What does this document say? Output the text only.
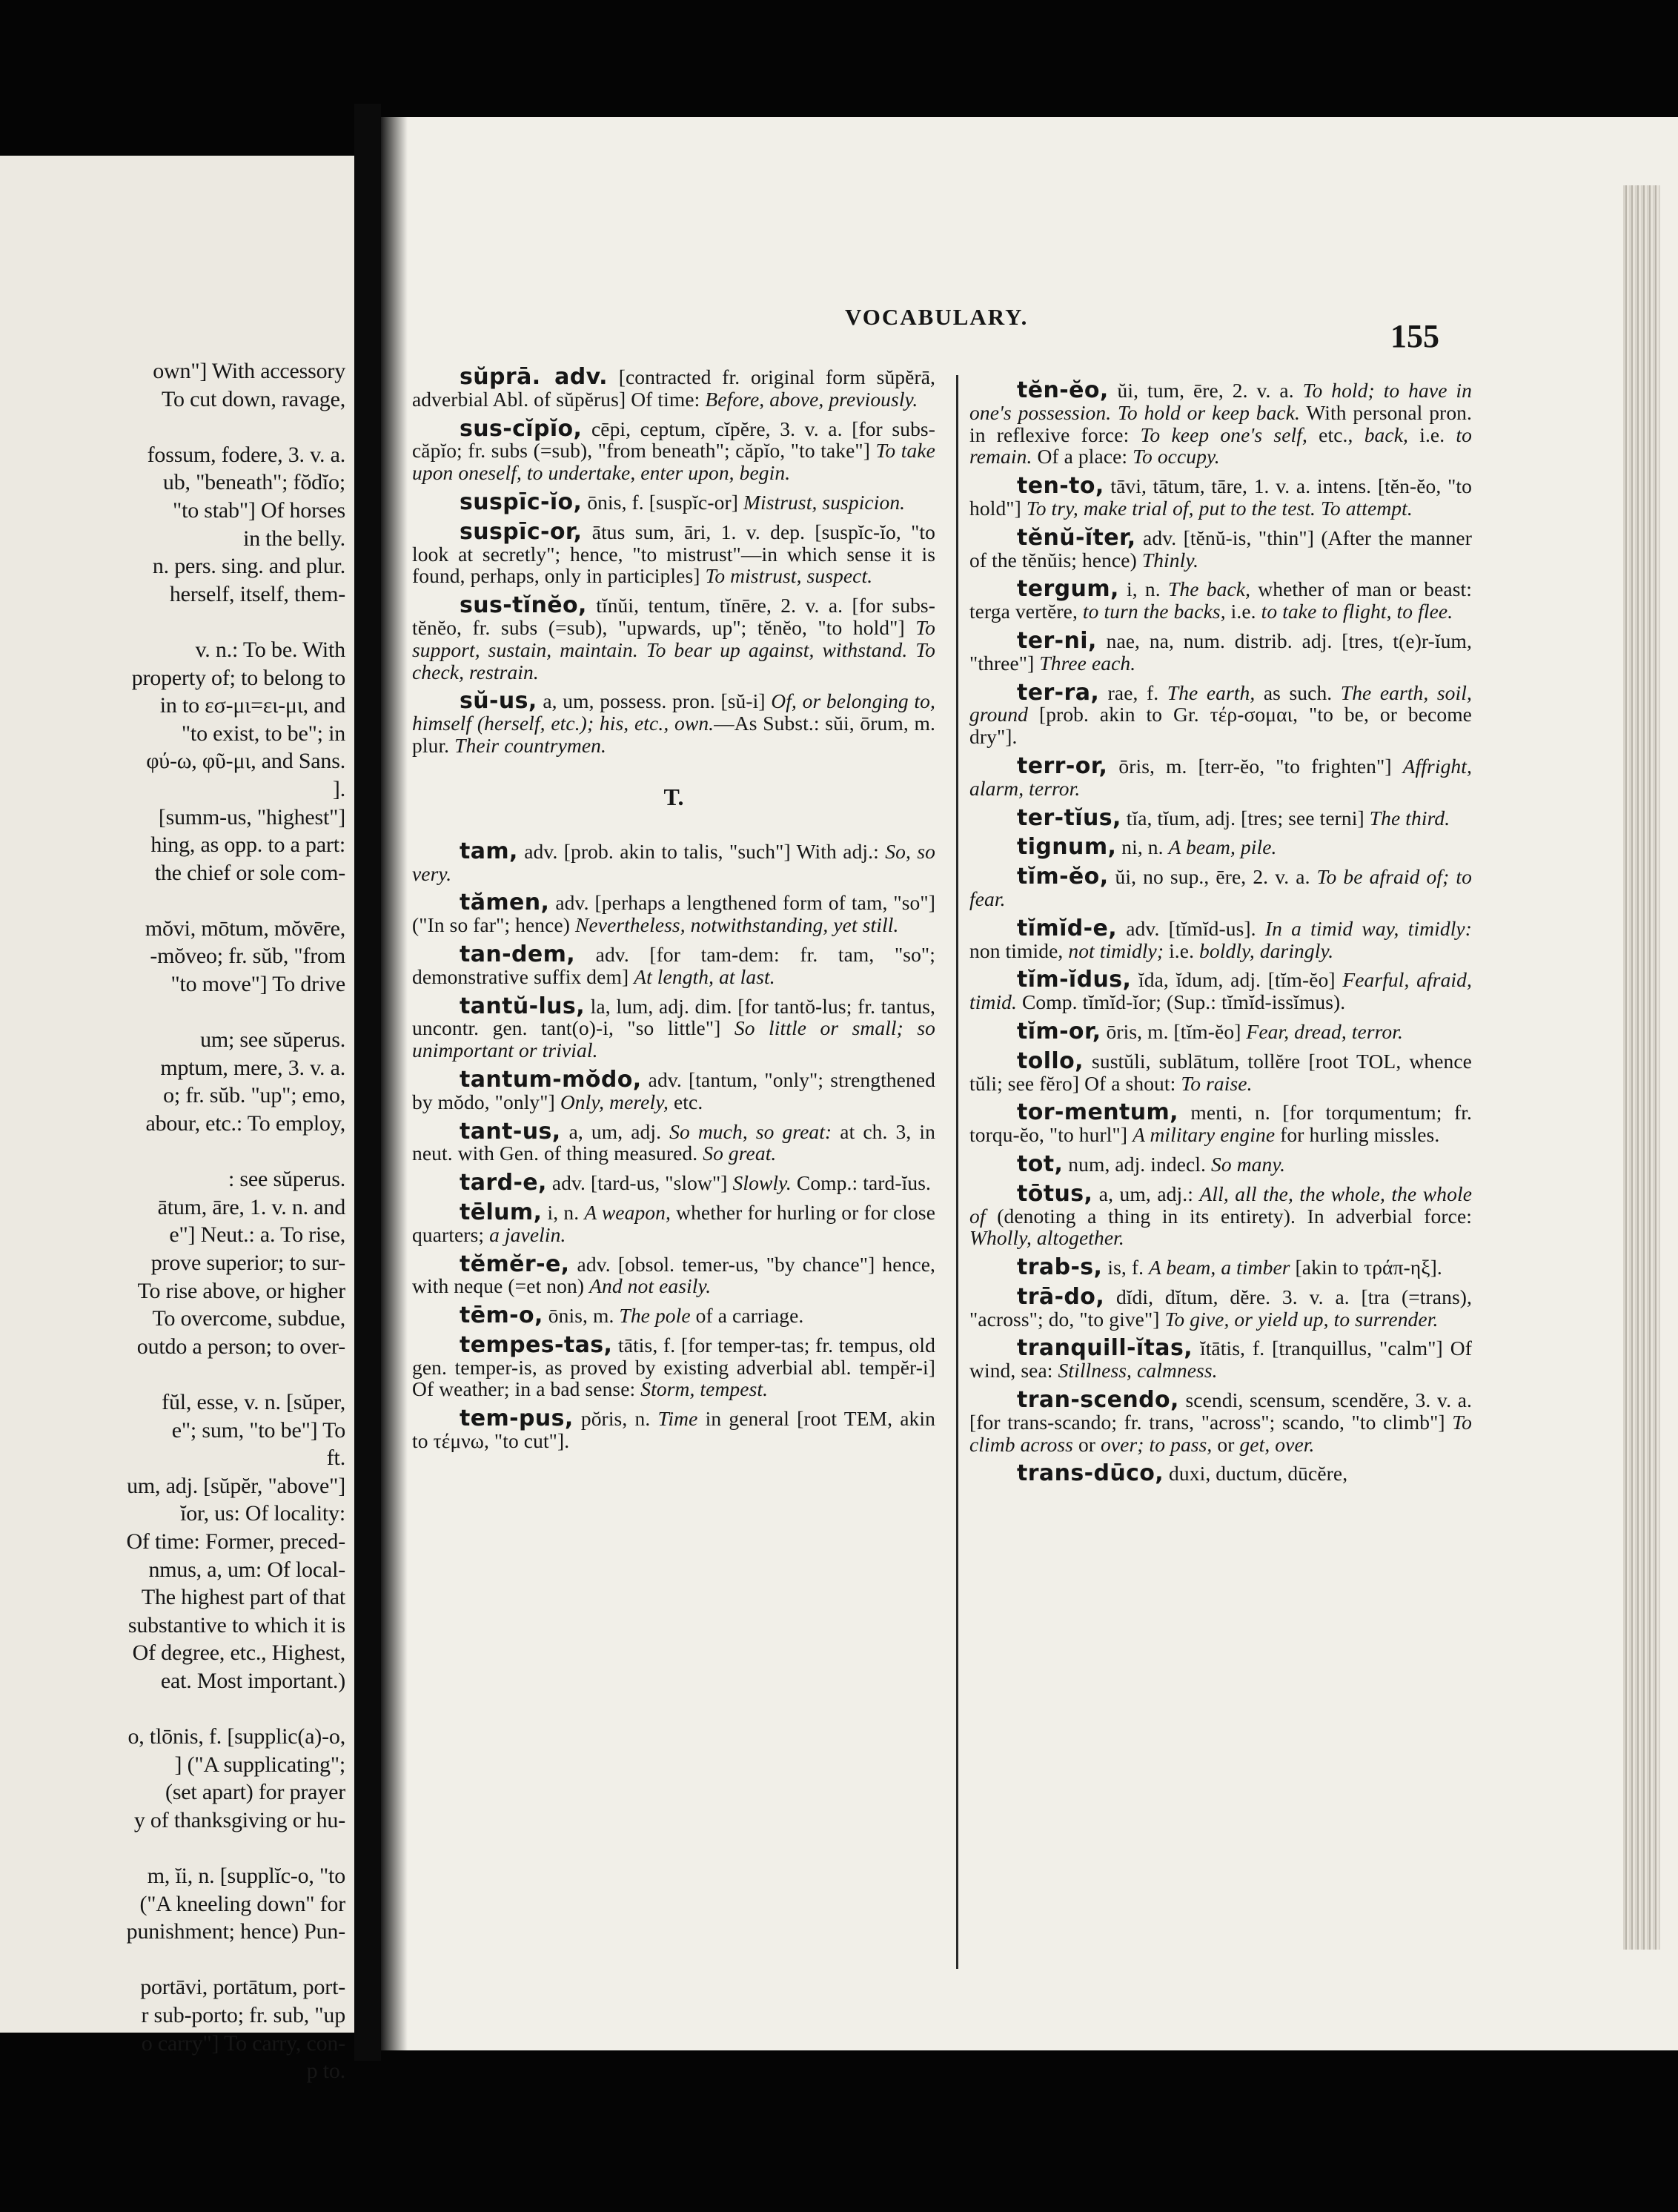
own"] With accessory
To cut down, ravage,
fossum, fodere, 3. v. a.
ub, "beneath"; fŏdĭo;
"to stab"] Of horses
in the belly.
n. pers. sing. and plur.
herself, itself, them-
v. n.: To be. With
property of; to belong to
in to εσ-μι=ει-μι, and
"to exist, to be"; in
φύ-ω, φῦ-μι, and Sans.
].
[summ-us, "highest"]
hing, as opp. to a part:
the chief or sole com-
mŏvi, mōtum, mŏvēre,
-mŏveo; fr. sŭb, "from
"to move"] To drive
um; see sŭperus.
mptum, mere, 3. v. a.
o; fr. sŭb. "up"; emo,
abour, etc.: To employ,
: see sŭperus.
ātum, āre, 1. v. n. and
e"] Neut.: a. To rise,
prove superior; to sur-
To rise above, or higher
To overcome, subdue,
outdo a person; to over-
fŭl, esse, v. n. [sŭper,
e"; sum, "to be"] To
ft.
um, adj. [sŭpĕr, "above"]
ĭor, us: Of locality:
Of time: Former, preced-
nmus, a, um: Of local-
The highest part of that
substantive to which it is
Of degree, etc., Highest,
eat. Most important.)
o, tlōnis, f. [supplic(a)-o,
] ("A supplicating";
(set apart) for prayer
y of thanksgiving or hu-
m, ĭi, n. [supplĭc-o, "to
("A kneeling down" for
punishment; hence) Pun-
portāvi, portātum, port-
r sub-porto; fr. sub, "up
o carry"] To carry, con-
p to.
VOCABULARY.
155
sŭprā. adv. [contracted fr. original form sŭpĕrā, adverbial Abl. of sŭpĕrus] Of time: Before, above, previously.
sus-cĭpĭo, cēpi, ceptum, cĭpĕre, 3. v. a. [for subs-căpĭo; fr. subs (=sub), "from beneath"; căpĭo, "to take"] To take upon oneself, to undertake, enter upon, begin.
suspīc-ĭo, ōnis, f. [suspĭc-or] Mistrust, suspicion.
suspīc-or, ātus sum, āri, 1. v. dep. [suspĭc-ĭo, "to look at secretly"; hence, "to mistrust"—in which sense it is found, perhaps, only in participles] To mistrust, suspect.
sus-tĭnĕo, tĭnŭi, tentum, tĭnēre, 2. v. a. [for subs-tĕnĕo, fr. subs (=sub), "upwards, up"; tĕnĕo, "to hold"] To support, sustain, maintain. To bear up against, withstand. To check, restrain.
sŭ-us, a, um, possess. pron. [sŭ-i] Of, or belonging to, himself (herself, etc.); his, etc., own.—As Subst.: sŭi, ōrum, m. plur. Their countrymen.
T.
tam, adv. [prob. akin to talis, "such"] With adj.: So, so very.
tămen, adv. [perhaps a lengthened form of tam, "so"] ("In so far"; hence) Nevertheless, notwithstanding, yet still.
tan-dem, adv. [for tam-dem: fr. tam, "so"; demonstrative suffix dem] At length, at last.
tantŭ-lus, la, lum, adj. dim. [for tantŏ-lus; fr. tantus, uncontr. gen. tant(o)-i, "so little"] So little or small; so unimportant or trivial.
tantum-mŏdo, adv. [tantum, "only"; strengthened by mŏdo, "only"] Only, merely, etc.
tant-us, a, um, adj. So much, so great: at ch. 3, in neut. with Gen. of thing measured. So great.
tard-e, adv. [tard-us, "slow"] Slowly. Comp.: tard-ĭus.
tēlum, i, n. A weapon, whether for hurling or for close quarters; a javelin.
tĕmĕr-e, adv. [obsol. temer-us, "by chance"] hence, with neque (=et non) And not easily.
tēm-o, ōnis, m. The pole of a carriage.
tempes-tas, tātis, f. [for temper-tas; fr. tempus, old gen. temper-is, as proved by existing adverbial abl. tempĕr-i] Of weather; in a bad sense: Storm, tempest.
tem-pus, pŏris, n. Time in general [root TEM, akin to τέμνω, "to cut"].
tĕn-ĕo, ŭi, tum, ēre, 2. v. a. To hold; to have in one's possession. To hold or keep back. With personal pron. in reflexive force: To keep one's self, etc., back, i.e. to remain. Of a place: To occupy.
ten-to, tāvi, tātum, tāre, 1. v. a. intens. [tĕn-ĕo, "to hold"] To try, make trial of, put to the test. To attempt.
tĕnŭ-ĭter, adv. [tĕnŭ-is, "thin"] (After the manner of the tĕnŭis; hence) Thinly.
tergum, i, n. The back, whether of man or beast: terga vertĕre, to turn the backs, i.e. to take to flight, to flee.
ter-ni, nae, na, num. distrib. adj. [tres, t(e)r-ĭum, "three"] Three each.
ter-ra, rae, f. The earth, as such. The earth, soil, ground [prob. akin to Gr. τέρ-σομαι, "to be, or become dry"].
terr-or, ōris, m. [terr-ĕo, "to frighten"] Affright, alarm, terror.
ter-tĭus, tĭa, tĭum, adj. [tres; see terni] The third.
tignum, ni, n. A beam, pile.
tĭm-ĕo, ŭi, no sup., ēre, 2. v. a. To be afraid of; to fear.
tĭmĭd-e, adv. [tĭmĭd-us]. In a timid way, timidly: non timide, not timidly; i.e. boldly, daringly.
tĭm-ĭdus, ĭda, ĭdum, adj. [tĭm-ĕo] Fearful, afraid, timid. Comp. tĭmĭd-ĭor; (Sup.: tĭmĭd-issĭmus).
tĭm-or, ōris, m. [tĭm-ĕo] Fear, dread, terror.
tollo, sustŭli, sublātum, tollĕre [root TOL, whence tŭli; see fĕro] Of a shout: To raise.
tor-mentum, menti, n. [for torqumentum; fr. torqu-ĕo, "to hurl"] A military engine for hurling missles.
tot, num, adj. indecl. So many.
tōtus, a, um, adj.: All, all the, the whole, the whole of (denoting a thing in its entirety). In adverbial force: Wholly, altogether.
trab-s, is, f. A beam, a timber [akin to τράπ-ηξ].
trā-do, dĭdi, dĭtum, dĕre. 3. v. a. [tra (=trans), "across"; do, "to give"] To give, or yield up, to surrender.
tranquill-ĭtas, ĭtātis, f. [tranquillus, "calm"] Of wind, sea: Stillness, calmness.
tran-scendo, scendi, scensum, scendĕre, 3. v. a. [for trans-scando; fr. trans, "across"; scando, "to climb"] To climb across or over; to pass, or get, over.
trans-dūco, duxi, ductum, dūcĕre,
